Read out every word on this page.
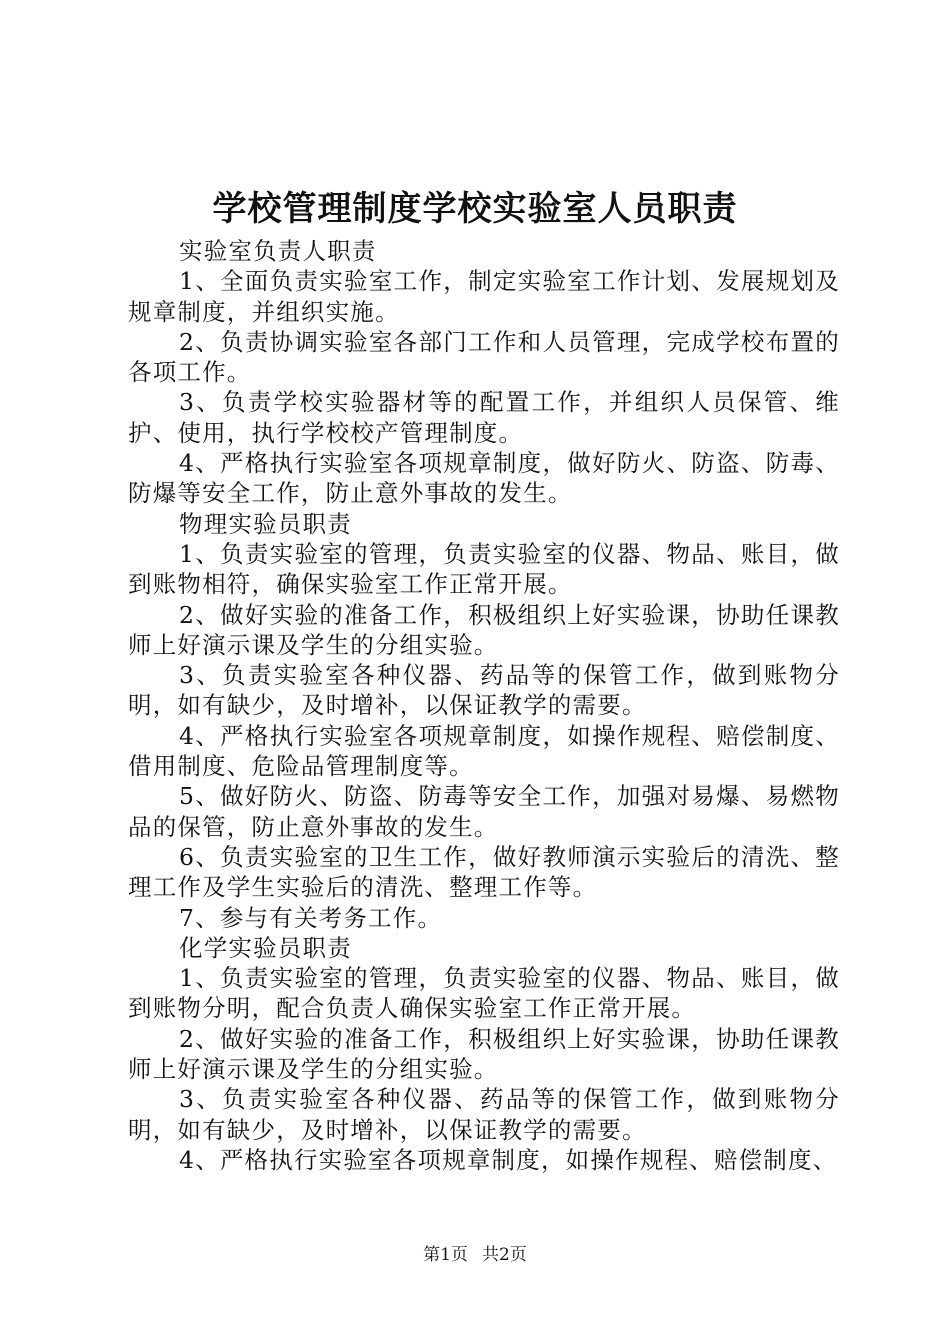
学校管理制度学校实验室人员职责

实验室负责人职责

1、全面负责实验室工作，制定实验室工作计划、发展规划及规章制度，并组织实施。

2、负责协调实验室各部门工作和人员管理，完成学校布置的各项工作。

3、负责学校实验器材等的配置工作，并组织人员保管、维护、使用，执行学校校产管理制度。

4、严格执行实验室各项规章制度，做好防火、防盗、防毒、防爆等安全工作，防止意外事故的发生。

物理实验员职责

1、负责实验室的管理，负责实验室的仪器、物品、账目，做到账物相符，确保实验室工作正常开展。

2、做好实验的准备工作，积极组织上好实验课，协助任课教师上好演示课及学生的分组实验。

3、负责实验室各种仪器、药品等的保管工作，做到账物分明，如有缺少，及时增补，以保证教学的需要。

4、严格执行实验室各项规章制度，如操作规程、赔偿制度、借用制度、危险品管理制度等。

5、做好防火、防盗、防毒等安全工作，加强对易爆、易燃物品的保管，防止意外事故的发生。

6、负责实验室的卫生工作，做好教师演示实验后的清洗、整理工作及学生实验后的清洗、整理工作等。

7、参与有关考务工作。

化学实验员职责

1、负责实验室的管理，负责实验室的仪器、物品、账目，做到账物分明，配合负责人确保实验室工作正常开展。

2、做好实验的准备工作，积极组织上好实验课，协助任课教师上好演示课及学生的分组实验。

3、负责实验室各种仪器、药品等的保管工作，做到账物分明，如有缺少，及时增补，以保证教学的需要。

4、严格执行实验室各项规章制度，如操作规程、赔偿制度、

第1页 共2页
